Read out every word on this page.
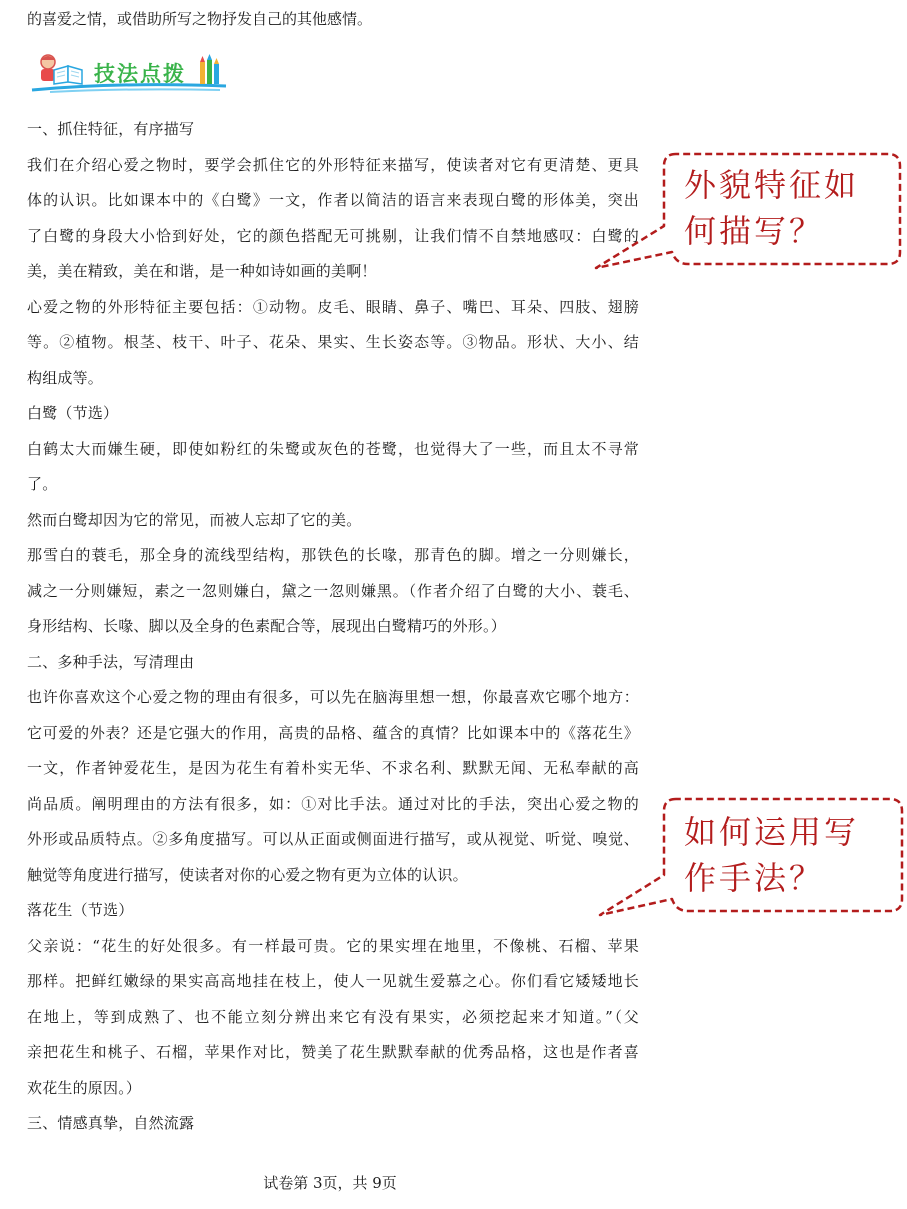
的喜爱之情，或借助所写之物抒发自己的其他感情。
技法点拨
一、抓住特征，有序描写
我们在介绍心爱之物时，要学会抓住它的外形特征来描写，使读者对它有更清楚、更具
体的认识。比如课本中的《白鹭》一文，作者以简洁的语言来表现白鹭的形体美，突出
了白鹭的身段大小恰到好处，它的颜色搭配无可挑剔，让我们情不自禁地感叹：白鹭的
美，美在精致，美在和谐，是一种如诗如画的美啊！
心爱之物的外形特征主要包括：①动物。皮毛、眼睛、鼻子、嘴巴、耳朵、四肢、翅膀
等。②植物。根茎、枝干、叶子、花朵、果实、生长姿态等。③物品。形状、大小、结
构组成等。
白鹭（节选）
白鹤太大而嫌生硬，即使如粉红的朱鹭或灰色的苍鹭，也觉得大了一些，而且太不寻常
了。
然而白鹭却因为它的常见，而被人忘却了它的美。
那雪白的蓑毛，那全身的流线型结构，那铁色的长喙，那青色的脚。增之一分则嫌长，
减之一分则嫌短，素之一忽则嫌白，黛之一忽则嫌黑。（作者介绍了白鹭的大小、蓑毛、
身形结构、长喙、脚以及全身的色素配合等，展现出白鹭精巧的外形。）
二、多种手法，写清理由
也许你喜欢这个心爱之物的理由有很多，可以先在脑海里想一想，你最喜欢它哪个地方：
它可爱的外表？还是它强大的作用，高贵的品格、蕴含的真情？比如课本中的《落花生》
一文，作者钟爱花生，是因为花生有着朴实无华、不求名利、默默无闻、无私奉献的高
尚品质。阐明理由的方法有很多，如：①对比手法。通过对比的手法，突出心爱之物的
外形或品质特点。②多角度描写。可以从正面或侧面进行描写，或从视觉、听觉、嗅觉、
触觉等角度进行描写，使读者对你的心爱之物有更为立体的认识。
落花生（节选）
父亲说：“花生的好处很多。有一样最可贵。它的果实埋在地里，不像桃、石榴、苹果
那样。把鲜红嫩绿的果实高高地挂在枝上，使人一见就生爱慕之心。你们看它矮矮地长
在地上，等到成熟了、也不能立刻分辨出来它有没有果实，必须挖起来才知道。”（父
亲把花生和桃子、石榴，苹果作对比，赞美了花生默默奉献的优秀品格，这也是作者喜
欢花生的原因。）
三、情感真挚，自然流露
外貌特征如
何描写？
如何运用写
作手法？
试卷第 3页，共 9页
